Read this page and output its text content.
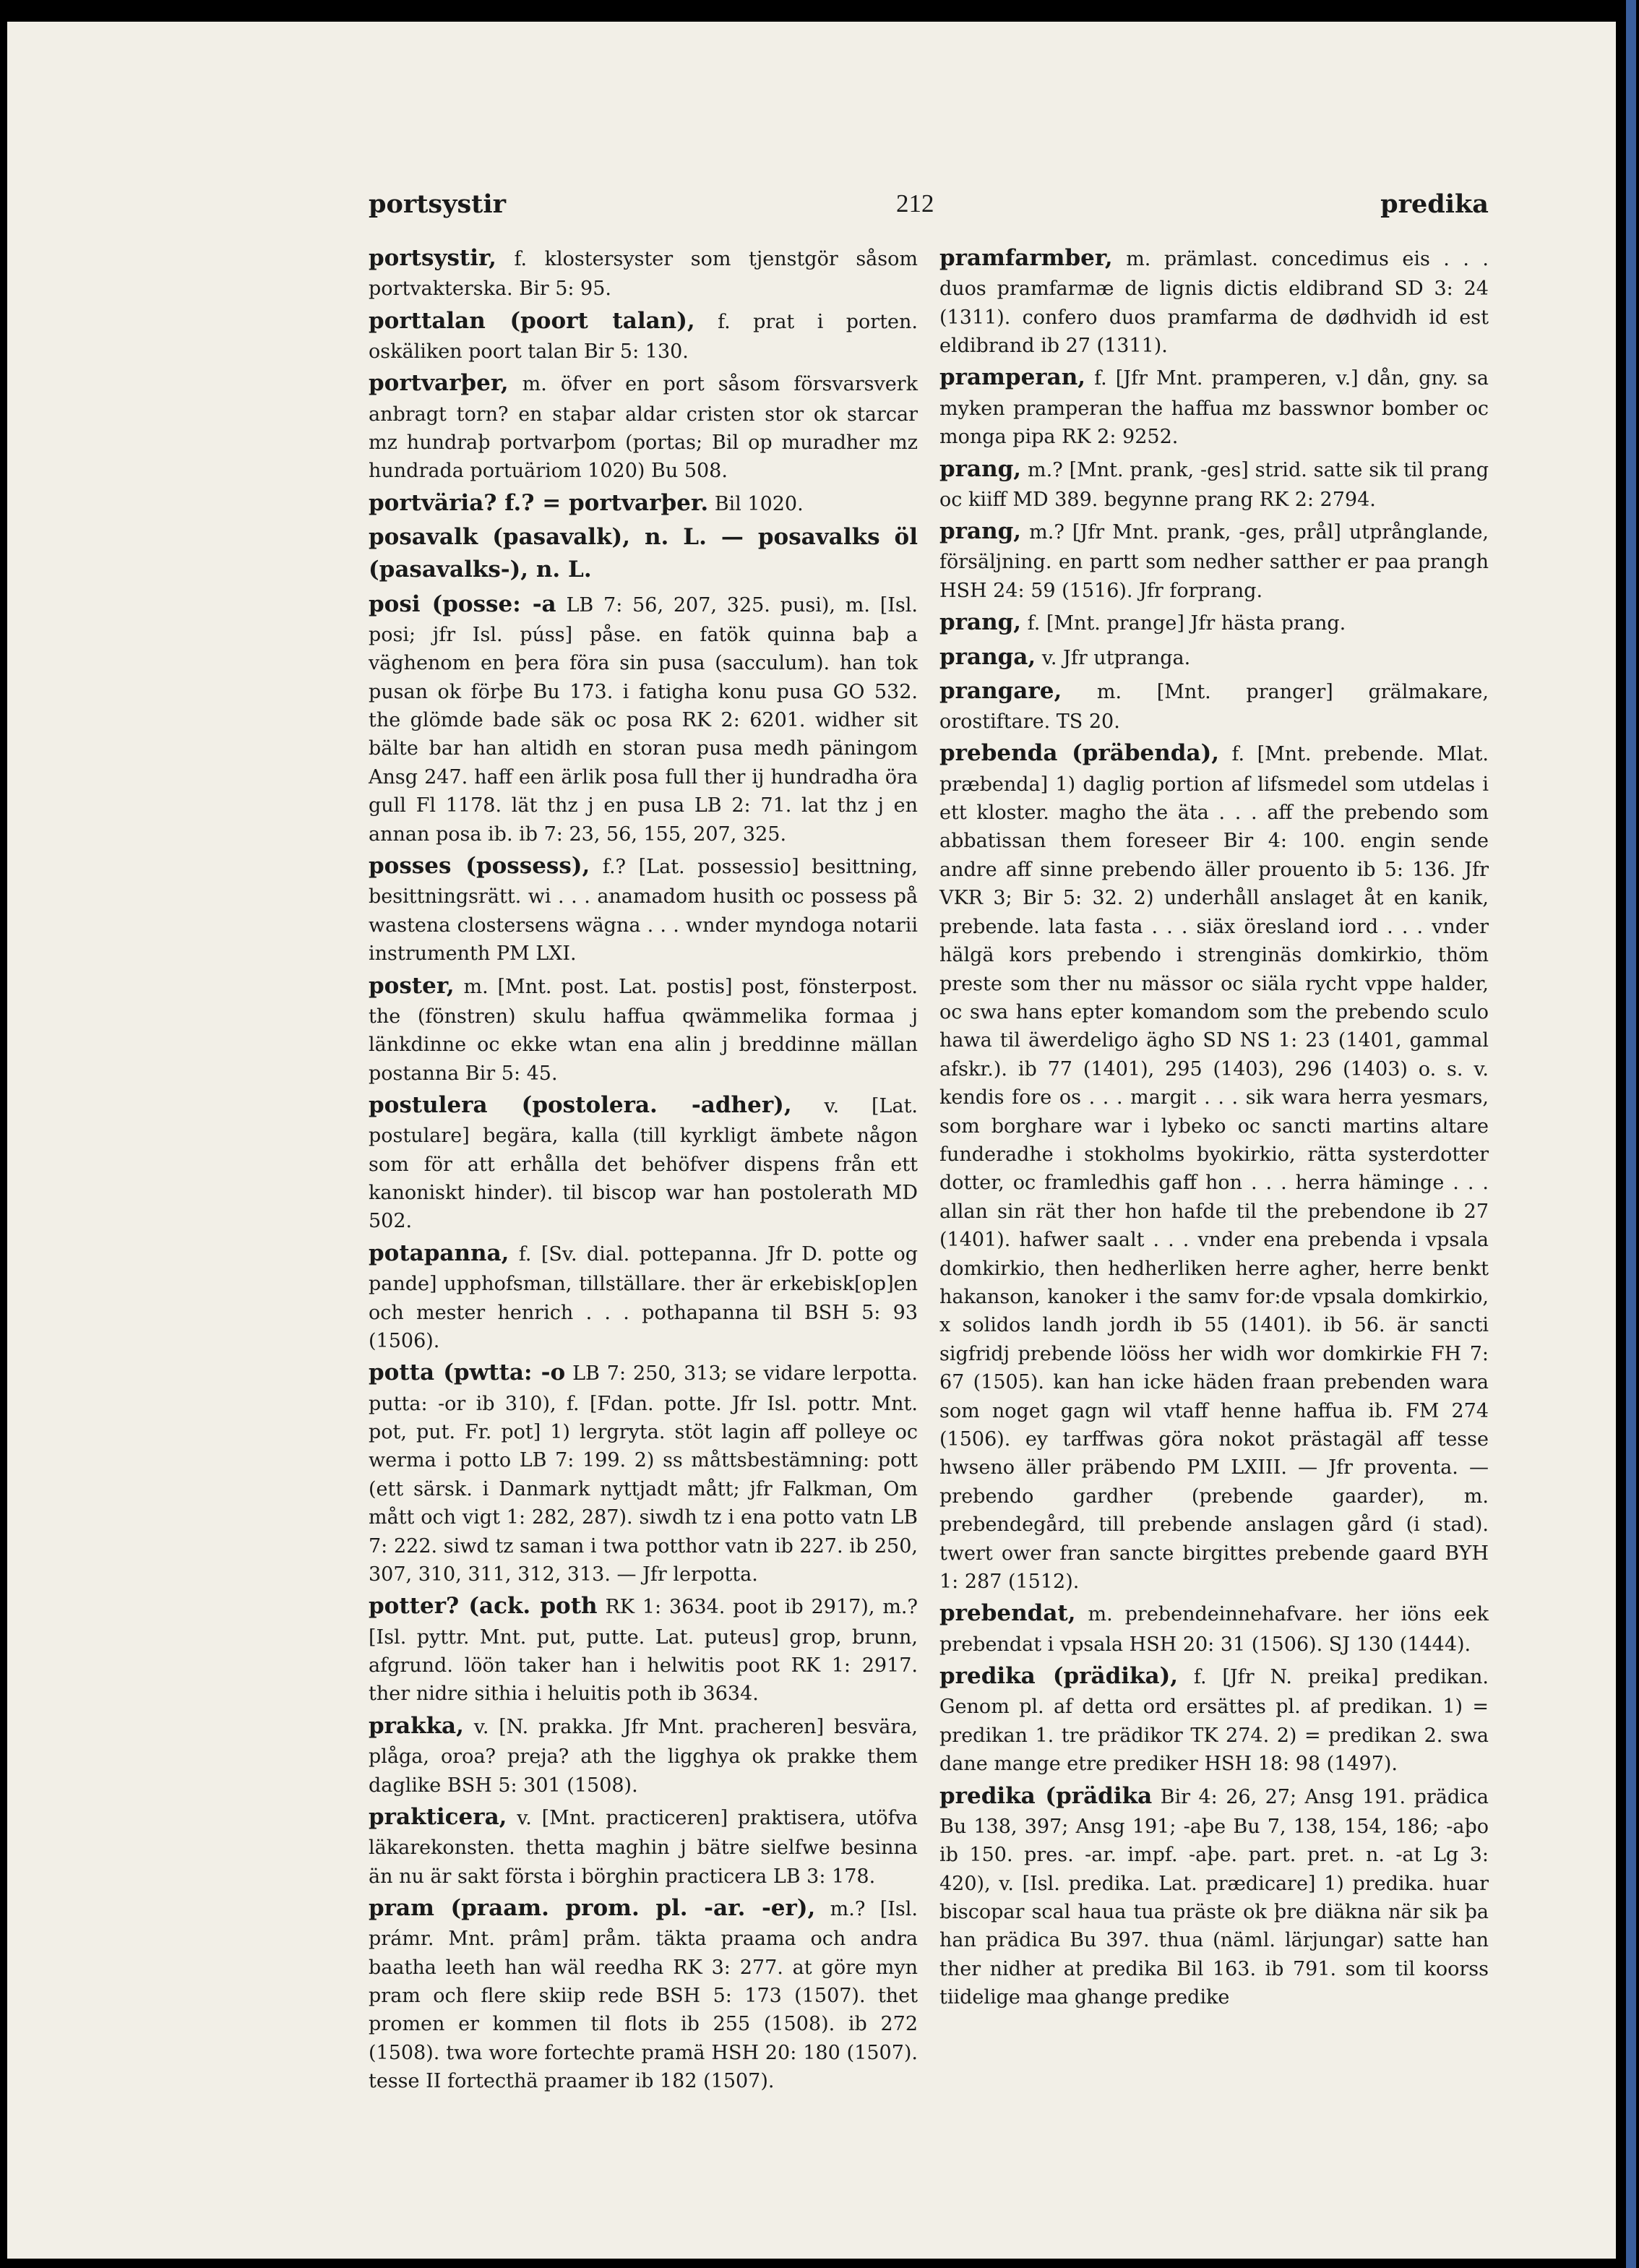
portsystir	212	predika

portsystir, f. klostersyster som tjenstgör såsom portvakterska. Bir 5: 95.

porttalan (poort talan), f. prat i porten. oskäliken poort talan Bir 5: 130.

portvarþer, m. öfver en port såsom försvarsverk anbragt torn? en staþar aldar cristen stor ok starcar mz hundraþ portvarþom (portas; Bil op muradher mz hundrada portuäriom 1020) Bu 508.

portväria? f.? = portvarþer. Bil 1020.

posavalk (pasavalk), n. L. — posavalks öl (pasavalks-), n. L.

posi (posse: -a LB 7: 56, 207, 325. pusi), m. [Isl. posi; jfr Isl. púss] påse. en fatök quinna baþ a väghenom en þera föra sin pusa (sacculum). han tok pusan ok förþe Bu 173. i fatigha konu pusa GO 532. the glömde bade säk oc posa RK 2: 6201. widher sit bälte bar han altidh en storan pusa medh päningom Ansg 247. haff een ärlik posa full ther ij hundradha öra gull Fl 1178. lät thz j en pusa LB 2: 71. lat thz j en annan posa ib. ib 7: 23, 56, 155, 207, 325.

posses (possess), f.? [Lat. possessio] besittning, besittningsrätt. wi . . . anamadom husith oc possess på wastena clostersens wägna . . . wnder myndoga notarii instrumenth PM LXI.

poster, m. [Mnt. post. Lat. postis] post, fönsterpost. the (fönstren) skulu haffua qwämmelika formaa j länkdinne oc ekke wtan ena alin j breddinne mällan postanna Bir 5: 45.

postulera (postolera. -adher), v. [Lat. postulare] begära, kalla (till kyrkligt ämbete någon som för att erhålla det behöfver dispens från ett kanoniskt hinder). til biscop war han postolerath MD 502.

potapanna, f. [Sv. dial. pottepanna. Jfr D. potte og pande] upphofsman, tillställare. ther är erkebisk[op]en och mester henrich . . . pothapanna til BSH 5: 93 (1506).

potta (pwtta: -o LB 7: 250, 313; se vidare lerpotta. putta: -or ib 310), f. [Fdan. potte. Jfr Isl. pottr. Mnt. pot, put. Fr. pot] 1) lergryta. stöt lagin aff polleye oc werma i potto LB 7: 199. 2) ss måttsbestämning: pott (ett särsk. i Danmark nyttjadt mått; jfr Falkman, Om mått och vigt 1: 282, 287). siwdh tz i ena potto vatn LB 7: 222. siwd tz saman i twa potthor vatn ib 227. ib 250, 307, 310, 311, 312, 313. — Jfr lerpotta.

potter? (ack. poth RK 1: 3634. poot ib 2917), m.? [Isl. pyttr. Mnt. put, putte. Lat. puteus] grop, brunn, afgrund. löön taker han i helwitis poot RK 1: 2917. ther nidre sithia i heluitis poth ib 3634.

prakka, v. [N. prakka. Jfr Mnt. pracheren] besvära, plåga, oroa? preja? ath the ligghya ok prakke them daglike BSH 5: 301 (1508).

prakticera, v. [Mnt. practiceren] praktisera, utöfva läkarekonsten. thetta maghin j bätre sielfwe besinna än nu är sakt första i börghin practicera LB 3: 178.

pram (praam. prom. pl. -ar. -er), m.? [Isl. prámr. Mnt. prâm] pråm. täkta praama och andra baatha leeth han wäl reedha RK 3: 277. at göre myn pram och flere skiip rede BSH 5: 173 (1507). thet promen er kommen til flots ib 255 (1508). ib 272 (1508). twa wore fortechte pramä HSH 20: 180 (1507). tesse II fortecthä praamer ib 182 (1507).

pramfarmber, m. prämlast. concedimus eis . . . duos pramfarmæ de lignis dictis eldibrand SD 3: 24 (1311). confero duos pramfarma de dødhvidh id est eldibrand ib 27 (1311).

pramperan, f. [Jfr Mnt. pramperen, v.] dån, gny. sa myken pramperan the haffua mz basswnor bomber oc monga pipa RK 2: 9252.

prang, m.? [Mnt. prank, -ges] strid. satte sik til prang oc kiiff MD 389. begynne prang RK 2: 2794.

prang, m.? [Jfr Mnt. prank, -ges, prål] utprånglande, försäljning. en partt som nedher satther er paa prangh HSH 24: 59 (1516). Jfr forprang.

prang, f. [Mnt. prange] Jfr hästa prang.

pranga, v. Jfr utpranga.

prangare, m. [Mnt. pranger] grälmakare, orostiftare. TS 20.

prebenda (präbenda), f. [Mnt. prebende. Mlat. præbenda] 1) daglig portion af lifsmedel som utdelas i ett kloster. magho the äta . . . aff the prebendo som abbatissan them foreseer Bir 4: 100. engin sende andre aff sinne prebendo äller prouento ib 5: 136. Jfr VKR 3; Bir 5: 32. 2) underhåll anslaget åt en kanik, prebende. lata fasta . . . siäx öresland iord . . . vnder hälgä kors prebendo i strenginäs domkirkio, thöm preste som ther nu mässor oc siäla rycht vppe halder, oc swa hans epter komandom som the prebendo sculo hawa til äwerdeligo ägho SD NS 1: 23 (1401, gammal afskr.). ib 77 (1401), 295 (1403), 296 (1403) o. s. v. kendis fore os . . . margit . . . sik wara herra yesmars, som borghare war i lybeko oc sancti martins altare funderadhe i stokholms byokirkio, rätta systerdotter dotter, oc framledhis gaff hon . . . herra häminge . . . allan sin rät ther hon hafde til the prebendone ib 27 (1401). hafwer saalt . . . vnder ena prebenda i vpsala domkirkio, then hedherliken herre agher, herre benkt hakanson, kanoker i the samv for:de vpsala domkirkio, x solidos landh jordh ib 55 (1401). ib 56. är sancti sigfridj prebende lööss her widh wor domkirkie FH 7: 67 (1505). kan han icke häden fraan prebenden wara som noget gagn wil vtaff henne haffua ib. FM 274 (1506). ey tarffwas göra nokot prästagäl aff tesse hwseno äller präbendo PM LXIII. — Jfr proventa. — prebendo gardher (prebende gaarder), m. prebendegård, till prebende anslagen gård (i stad). twert ower fran sancte birgittes prebende gaard BYH 1: 287 (1512).

prebendat, m. prebendeinnehafvare. her iöns eek prebendat i vpsala HSH 20: 31 (1506). SJ 130 (1444).

predika (prädika), f. [Jfr N. preika] predikan. Genom pl. af detta ord ersättes pl. af predikan. 1) = predikan 1. tre prädikor TK 274. 2) = predikan 2. swa dane mange etre prediker HSH 18: 98 (1497).

predika (prädika Bir 4: 26, 27; Ansg 191. prädica Bu 138, 397; Ansg 191; -aþe Bu 7, 138, 154, 186; -aþo ib 150. pres. -ar. impf. -aþe. part. pret. n. -at Lg 3: 420), v. [Isl. predika. Lat. prædicare] 1) predika. huar biscopar scal haua tua präste ok þre diäkna när sik þa han prädica Bu 397. thua (näml. lärjungar) satte han ther nidher at predika Bil 163. ib 791. som til koorss tiidelige maa ghange predike
